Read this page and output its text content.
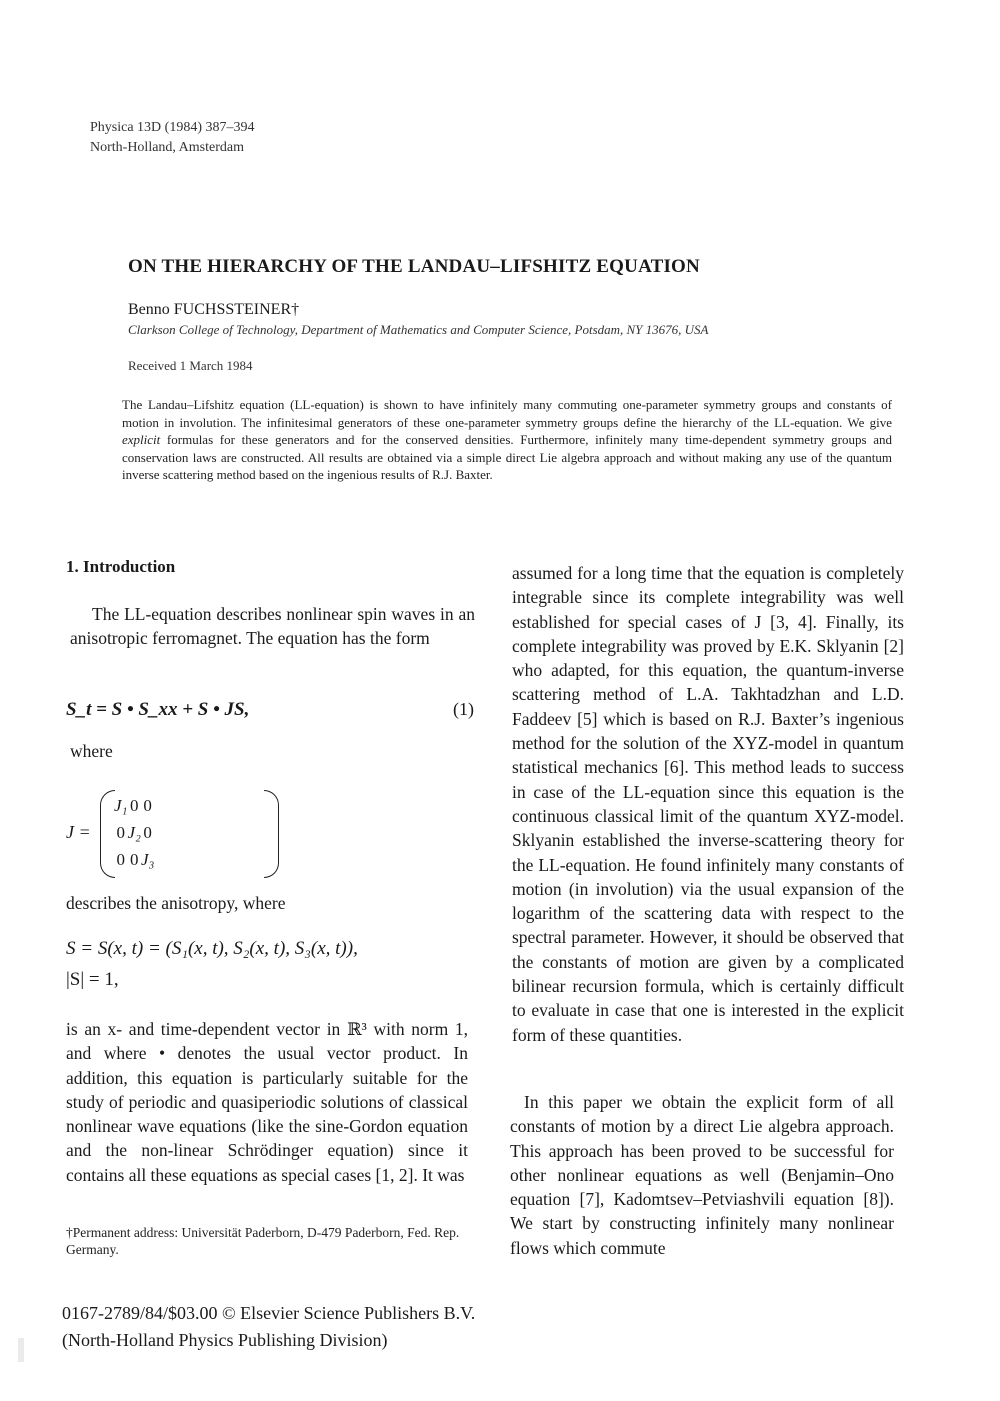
Physica 13D (1984) 387–394
North-Holland, Amsterdam
ON THE HIERARCHY OF THE LANDAU–LIFSHITZ EQUATION
Benno FUCHSSTEINER†
Clarkson College of Technology, Department of Mathematics and Computer Science, Potsdam, NY 13676, USA
Received 1 March 1984
The Landau–Lifshitz equation (LL-equation) is shown to have infinitely many commuting one-parameter symmetry groups and constants of motion in involution. The infinitesimal generators of these one-parameter symmetry groups define the hierarchy of the LL-equation. We give explicit formulas for these generators and for the conserved densities. Furthermore, infinitely many time-dependent symmetry groups and conservation laws are constructed. All results are obtained via a simple direct Lie algebra approach and without making any use of the quantum inverse scattering method based on the ingenious results of R.J. Baxter.
1. Introduction
The LL-equation describes nonlinear spin waves in an anisotropic ferromagnet. The equation has the form
S_t = S • S_xx + S • JS,	(1)
where
J =
J₁	0	0
0	J₂	0
0	0	J₃
describes the anisotropy, where
S = S(x, t) = (S₁(x, t), S₂(x, t), S₃(x, t)),
|S| = 1,
is an x- and time-dependent vector in ℝ³ with norm 1, and where • denotes the usual vector product. In addition, this equation is particularly suitable for the study of periodic and quasiperiodic solutions of classical nonlinear wave equations (like the sine-Gordon equation and the non-linear Schrödinger equation) since it contains all these equations as special cases [1, 2]. It was
†Permanent address: Universität Paderborn, D-479 Paderborn, Fed. Rep. Germany.
0167-2789/84/$03.00 © Elsevier Science Publishers B.V.
(North-Holland Physics Publishing Division)
assumed for a long time that the equation is completely integrable since its complete integrability was well established for special cases of J [3, 4]. Finally, its complete integrability was proved by E.K. Sklyanin [2] who adapted, for this equation, the quantum-inverse scattering method of L.A. Takhtadzhan and L.D. Faddeev [5] which is based on R.J. Baxter’s ingenious method for the solution of the XYZ-model in quantum statistical mechanics [6]. This method leads to success in case of the LL-equation since this equation is the continuous classical limit of the quantum XYZ-model. Sklyanin established the inverse-scattering theory for the LL-equation. He found infinitely many constants of motion (in involution) via the usual expansion of the logarithm of the scattering data with respect to the spectral parameter. However, it should be observed that the constants of motion are given by a complicated bilinear recursion formula, which is certainly difficult to evaluate in case that one is interested in the explicit form of these quantities.
In this paper we obtain the explicit form of all constants of motion by a direct Lie algebra approach. This approach has been proved to be successful for other nonlinear equations as well (Benjamin–Ono equation [7], Kadomtsev–Petviashvili equation [8]). We start by constructing infinitely many nonlinear flows which commute
